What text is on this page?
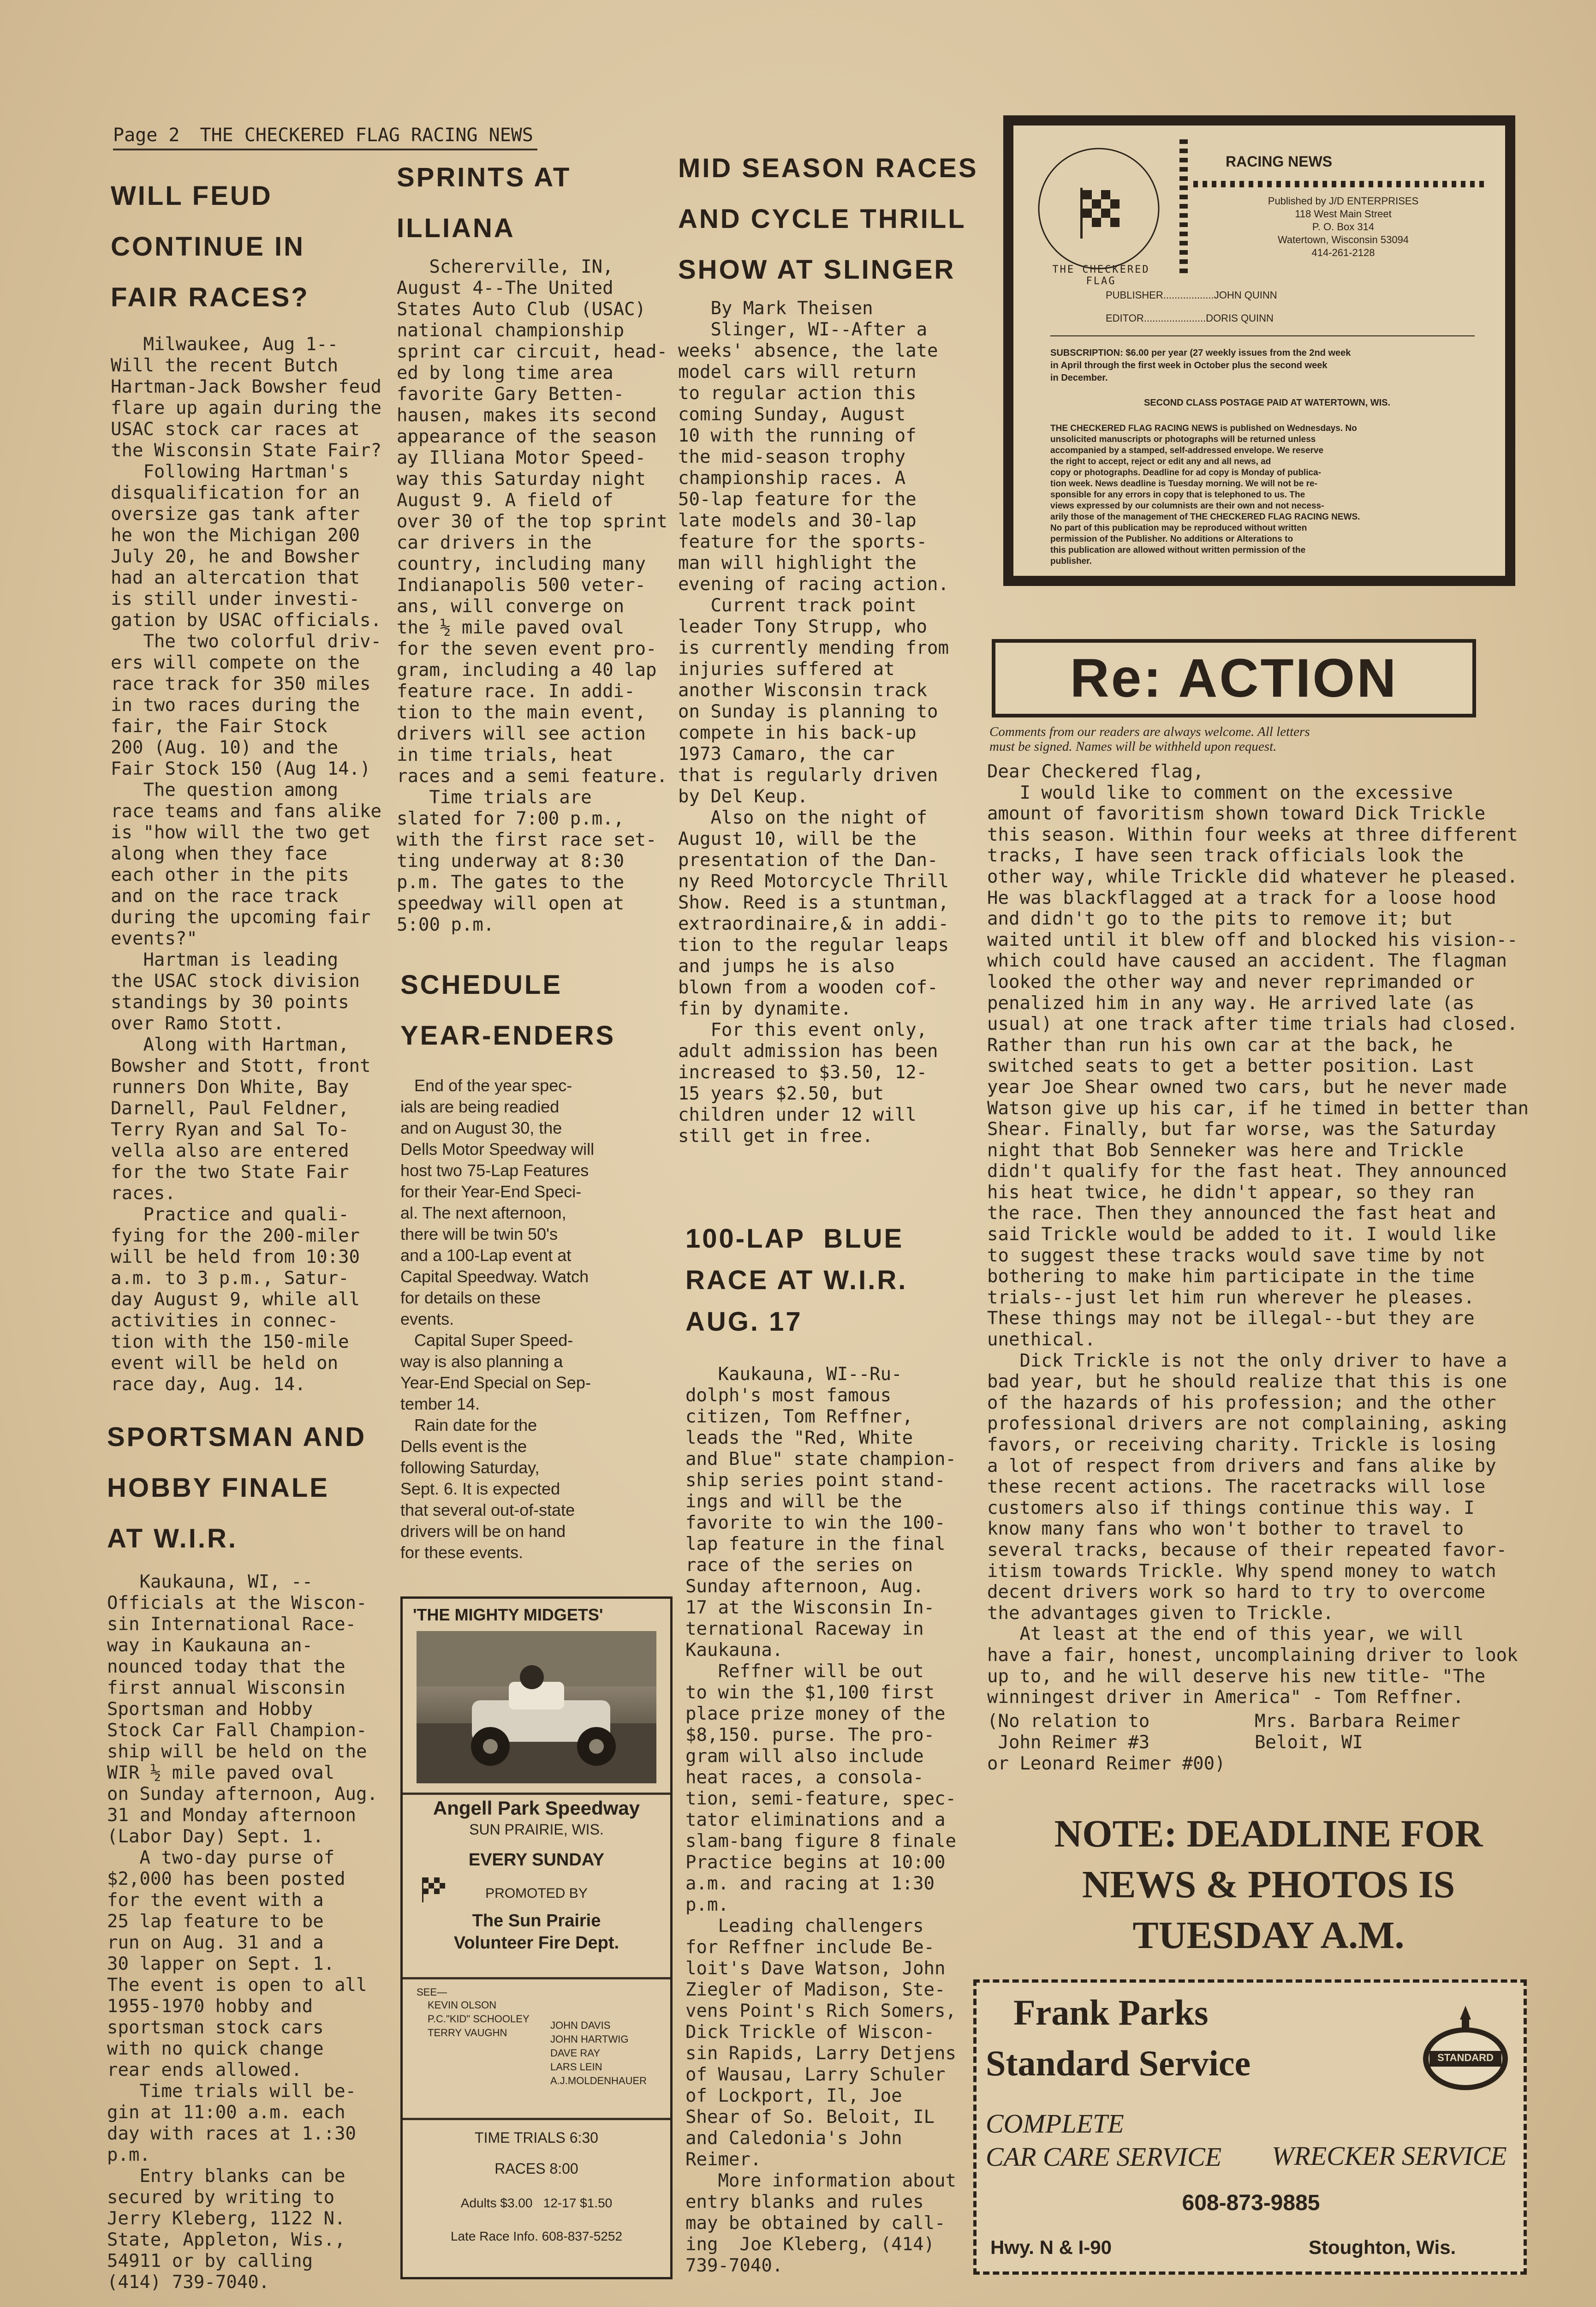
Page 2 THE CHECKERED FLAG RACING NEWS
WILL FEUD
CONTINUE IN
FAIR RACES?

Milwaukee, Aug 1--
Will the recent Butch
Hartman-Jack Bowsher feud
flare up again during the
USAC stock car races at
the Wisconsin State Fair?
Following Hartman's
disqualification for an
oversize gas tank after
he won the Michigan 200
July 20, he and Bowsher
had an altercation that
is still under investi-
gation by USAC officials.
The two colorful driv-
ers will compete on the
race track for 350 miles
in two races during the
fair, the Fair Stock
200 (Aug. 10) and the
Fair Stock 150 (Aug 14.)
The question among
race teams and fans alike
is "how will the two get
along when they face
each other in the pits
and on the race track
during the upcoming fair
events?"
Hartman is leading
the USAC stock division
standings by 30 points
over Ramo Stott.
Along with Hartman,
Bowsher and Stott, front
runners Don White, Bay
Darnell, Paul Feldner,
Terry Ryan and Sal To-
vella also are entered
for the two State Fair
races.
Practice and quali-
fying for the 200-miler
will be held from 10:30
a.m. to 3 p.m., Satur-
day August 9, while all
activities in connec-
tion with the 150-mile
event will be held on
race day, Aug. 14.

SPORTSMAN AND
HOBBY FINALE
AT W.I.R.

Kaukauna, WI, --
Officials at the Wiscon-
sin International Race-
way in Kaukauna an-
nounced today that the
first annual Wisconsin
Sportsman and Hobby
Stock Car Fall Champion-
ship will be held on the
WIR ½ mile paved oval
on Sunday afternoon, Aug.
31 and Monday afternoon
(Labor Day) Sept. 1.
A two-day purse of
$2,000 has been posted
for the event with a
25 lap feature to be
run on Aug. 31 and a
30 lapper on Sept. 1.
The event is open to all
1955-1970 hobby and
sportsman stock cars
with no quick change
rear ends allowed.
Time trials will be-
gin at 11:00 a.m. each
day with races at 1.:30
p.m.
Entry blanks can be
secured by writing to
Jerry Kleberg, 1122 N.
State, Appleton, Wis.,
54911 or by calling
(414) 739-7040.

SPRINTS AT
ILLIANA

Schererville, IN,
August 4--The United
States Auto Club (USAC)
national championship
sprint car circuit, head-
ed by long time area
favorite Gary Betten-
hausen, makes its second
appearance of the season
ay Illiana Motor Speed-
way this Saturday night
August 9. A field of
over 30 of the top sprint
car drivers in the
country, including many
Indianapolis 500 veter-
ans, will converge on
the ½ mile paved oval
for the seven event pro-
gram, including a 40 lap
feature race. In addi-
tion to the main event,
drivers will see action
in time trials, heat
races and a semi feature.
Time trials are
slated for 7:00 p.m.,
with the first race set-
ting underway at 8:30
p.m. The gates to the
speedway will open at
5:00 p.m.

SCHEDULE
YEAR-ENDERS

End of the year spec-
ials are being readied
and on August 30, the
Dells Motor Speedway will
host two 75-Lap Features
for their Year-End Speci-
al. The next afternoon,
there will be twin 50's
and a 100-Lap event at
Capital Speedway. Watch
for details on these
events.
Capital Super Speed-
way is also planning a
Year-End Special on Sep-
tember 14.
Rain date for the
Dells event is the
following Saturday,
Sept. 6. It is expected
that several out-of-state
drivers will be on hand
for these events.

'THE MIGHTY MIDGETS'

Angell Park Speedway

SUN PRAIRIE, WIS.

EVERY SUNDAY

PROMOTED BY

The Sun Prairie
Volunteer Fire Dept.

SEE—
KEVIN OLSON
P.C."KID" SCHOOLEY
TERRY VAUGHN
JOHN DAVIS
JOHN HARTWIG
DAVE RAY
LARS LEIN
A.J.MOLDENHAUER

TIME TRIALS 6:30

RACES 8:00

Adults $3.00   12-17 $1.50

Late Race Info. 608-837-5252

MID SEASON RACES
AND CYCLE THRILL
SHOW AT SLINGER

By Mark Theisen
Slinger, WI--After a
weeks' absence, the late
model cars will return
to regular action this
coming Sunday, August
10 with the running of
the mid-season trophy
championship races. A
50-lap feature for the
late models and 30-lap
feature for the sports-
man will highlight the
evening of racing action.
Current track point
leader Tony Strupp, who
is currently mending from
injuries suffered at
another Wisconsin track
on Sunday is planning to
compete in his back-up
1973 Camaro, the car
that is regularly driven
by Del Keup.
Also on the night of
August 10, will be the
presentation of the Dan-
ny Reed Motorcycle Thrill
Show. Reed is a stuntman,
extraordinaire,& in addi-
tion to the regular leaps
and jumps he is also
blown from a wooden cof-
fin by dynamite.
For this event only,
adult admission has been
increased to $3.50, 12-
15 years $2.50, but
children under 12 will
still get in free.

100-LAP  BLUE
RACE AT W.I.R.
AUG. 17

Kaukauna, WI--Ru-
dolph's most famous
citizen, Tom Reffner,
leads the "Red, White
and Blue" state champion-
ship series point stand-
ings and will be the
favorite to win the 100-
lap feature in the final
race of the series on
Sunday afternoon, Aug.
17 at the Wisconsin In-
ternational Raceway in
Kaukauna.
Reffner will be out
to win the $1,100 first
place prize money of the
$8,150. purse. The pro-
gram will also include
heat races, a consola-
tion, semi-feature, spec-
tator eliminations and a
slam-bang figure 8 finale
Practice begins at 10:00
a.m. and racing at 1:30
p.m.
Leading challengers
for Reffner include Be-
loit's Dave Watson, John
Ziegler of Madison, Ste-
vens Point's Rich Somers,
Dick Trickle of Wiscon-
sin Rapids, Larry Detjens
of Wausau, Larry Schuler
of Lockport, Il, Joe
Shear of So. Beloit, IL
and Caledonia's John
Reimer.
More information about
entry blanks and rules
may be obtained by call-
ing  Joe Kleberg, (414)
739-7040.

THE CHECKERED FLAG
RACING NEWS
Published by J/D ENTERPRISES
118 West Main Street
P. O. Box 314
Watertown, Wisconsin 53094
414-261-2128
PUBLISHER..................JOHN QUINN
EDITOR......................DORIS QUINN
SUBSCRIPTION: $6.00 per year (27 weekly issues from the 2nd week
in April through the first week in October plus the second week
in December.
SECOND CLASS POSTAGE PAID AT WATERTOWN, WIS.
THE CHECKERED FLAG RACING NEWS is published on Wednesdays. No
unsolicited manuscripts or photographs will be returned unless
accompanied by a stamped, self-addressed envelope. We reserve
the right to accept, reject or edit any and all news, ad
copy or photographs. Deadline for ad copy is Monday of publica-
tion week. News deadline is Tuesday morning. We will not be re-
sponsible for any errors in copy that is telephoned to us. The
views expressed by our columnists are their own and not necess-
arily those of the management of THE CHECKERED FLAG RACING NEWS.
No part of this publication may be reproduced without written
permission of the Publisher. No additions or Alterations to
this publication are allowed without written permission of the
publisher.
Re: ACTION
Comments from our readers are always welcome. All letters
must be signed. Names will be withheld upon request.

Dear Checkered flag,
I would like to comment on the excessive
amount of favoritism shown toward Dick Trickle
this season. Within four weeks at three different
tracks, I have seen track officials look the
other way, while Trickle did whatever he pleased.
He was blackflagged at a track for a loose hood
and didn't go to the pits to remove it; but
waited until it blew off and blocked his vision--
which could have caused an accident. The flagman
looked the other way and never reprimanded or
penalized him in any way. He arrived late (as
usual) at one track after time trials had closed.
Rather than run his own car at the back, he
switched seats to get a better position. Last
year Joe Shear owned two cars, but he never made
Watson give up his car, if he timed in better than
Shear. Finally, but far worse, was the Saturday
night that Bob Senneker was here and Trickle
didn't qualify for the fast heat. They announced
his heat twice, he didn't appear, so they ran
the race. Then they announced the fast heat and
said Trickle would be added to it. I would like
to suggest these tracks would save time by not
bothering to make him participate in the time
trials--just let him run wherever he pleases.
These things may not be illegal--but they are
unethical.
Dick Trickle is not the only driver to have a
bad year, but he should realize that this is one
of the hazards of his profession; and the other
professional drivers are not complaining, asking
favors, or receiving charity. Trickle is losing
a lot of respect from drivers and fans alike by
these recent actions. The racetracks will lose
customers also if things continue this way. I
know many fans who won't bother to travel to
several tracks, because of their repeated favor-
itism towards Trickle. Why spend money to watch
decent drivers work so hard to try to overcome
the advantages given to Trickle.
At least at the end of this year, we will
have a fair, honest, uncomplaining driver to look
up to, and he will deserve his new title- "The
winningest driver in America" - Tom Reffner.

(No relation to
John Reimer #3
or Leonard Reimer #00)

Mrs. Barbara Reimer
Beloit, WI

NOTE: DEADLINE FOR
NEWS & PHOTOS IS
TUESDAY A.M.
Frank Parks
Standard Service	STANDARD
COMPLETE
CAR CARE SERVICE WRECKER SERVICE
608-873-9885
Hwy. N & I-90	Stoughton, Wis.
